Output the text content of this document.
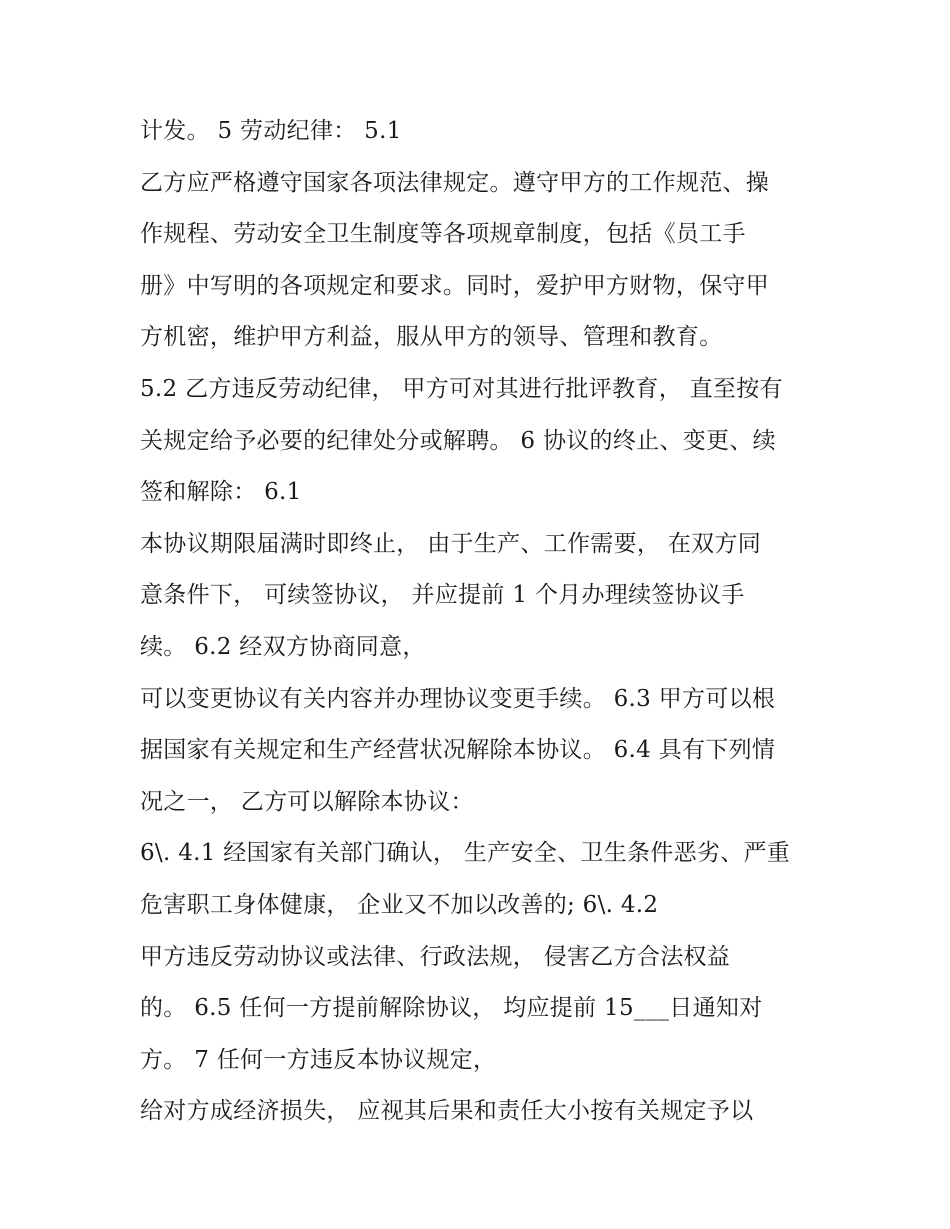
计发。 5 劳动纪律： 5.1

乙方应严格遵守国家各项法律规定。遵守甲方的工作规范、操

作规程、劳动安全卫生制度等各项规章制度，包括《员工手

册》中写明的各项规定和要求。同时，爱护甲方财物，保守甲

方机密，维护甲方利益，服从甲方的领导、管理和教育。

5.2 乙方违反劳动纪律， 甲方可对其进行批评教育， 直至按有

关规定给予必要的纪律处分或解聘。 6 协议的终止、变更、续

签和解除： 6.1

本协议期限届满时即终止， 由于生产、工作需要， 在双方同

意条件下， 可续签协议， 并应提前 1 个月办理续签协议手

续。 6.2 经双方协商同意，

可以变更协议有关内容并办理协议变更手续。 6.3 甲方可以根

据国家有关规定和生产经营状况解除本协议。 6.4 具有下列情

况之一， 乙方可以解除本协议：

6\. 4.1 经国家有关部门确认， 生产安全、卫生条件恶劣、严重

危害职工身体健康， 企业又不加以改善的; 6\. 4.2

甲方违反劳动协议或法律、行政法规， 侵害乙方合法权益

的。 6.5 任何一方提前解除协议， 均应提前 15___日通知对

方。 7 任何一方违反本协议规定，

给对方成经济损失， 应视其后果和责任大小按有关规定予以
